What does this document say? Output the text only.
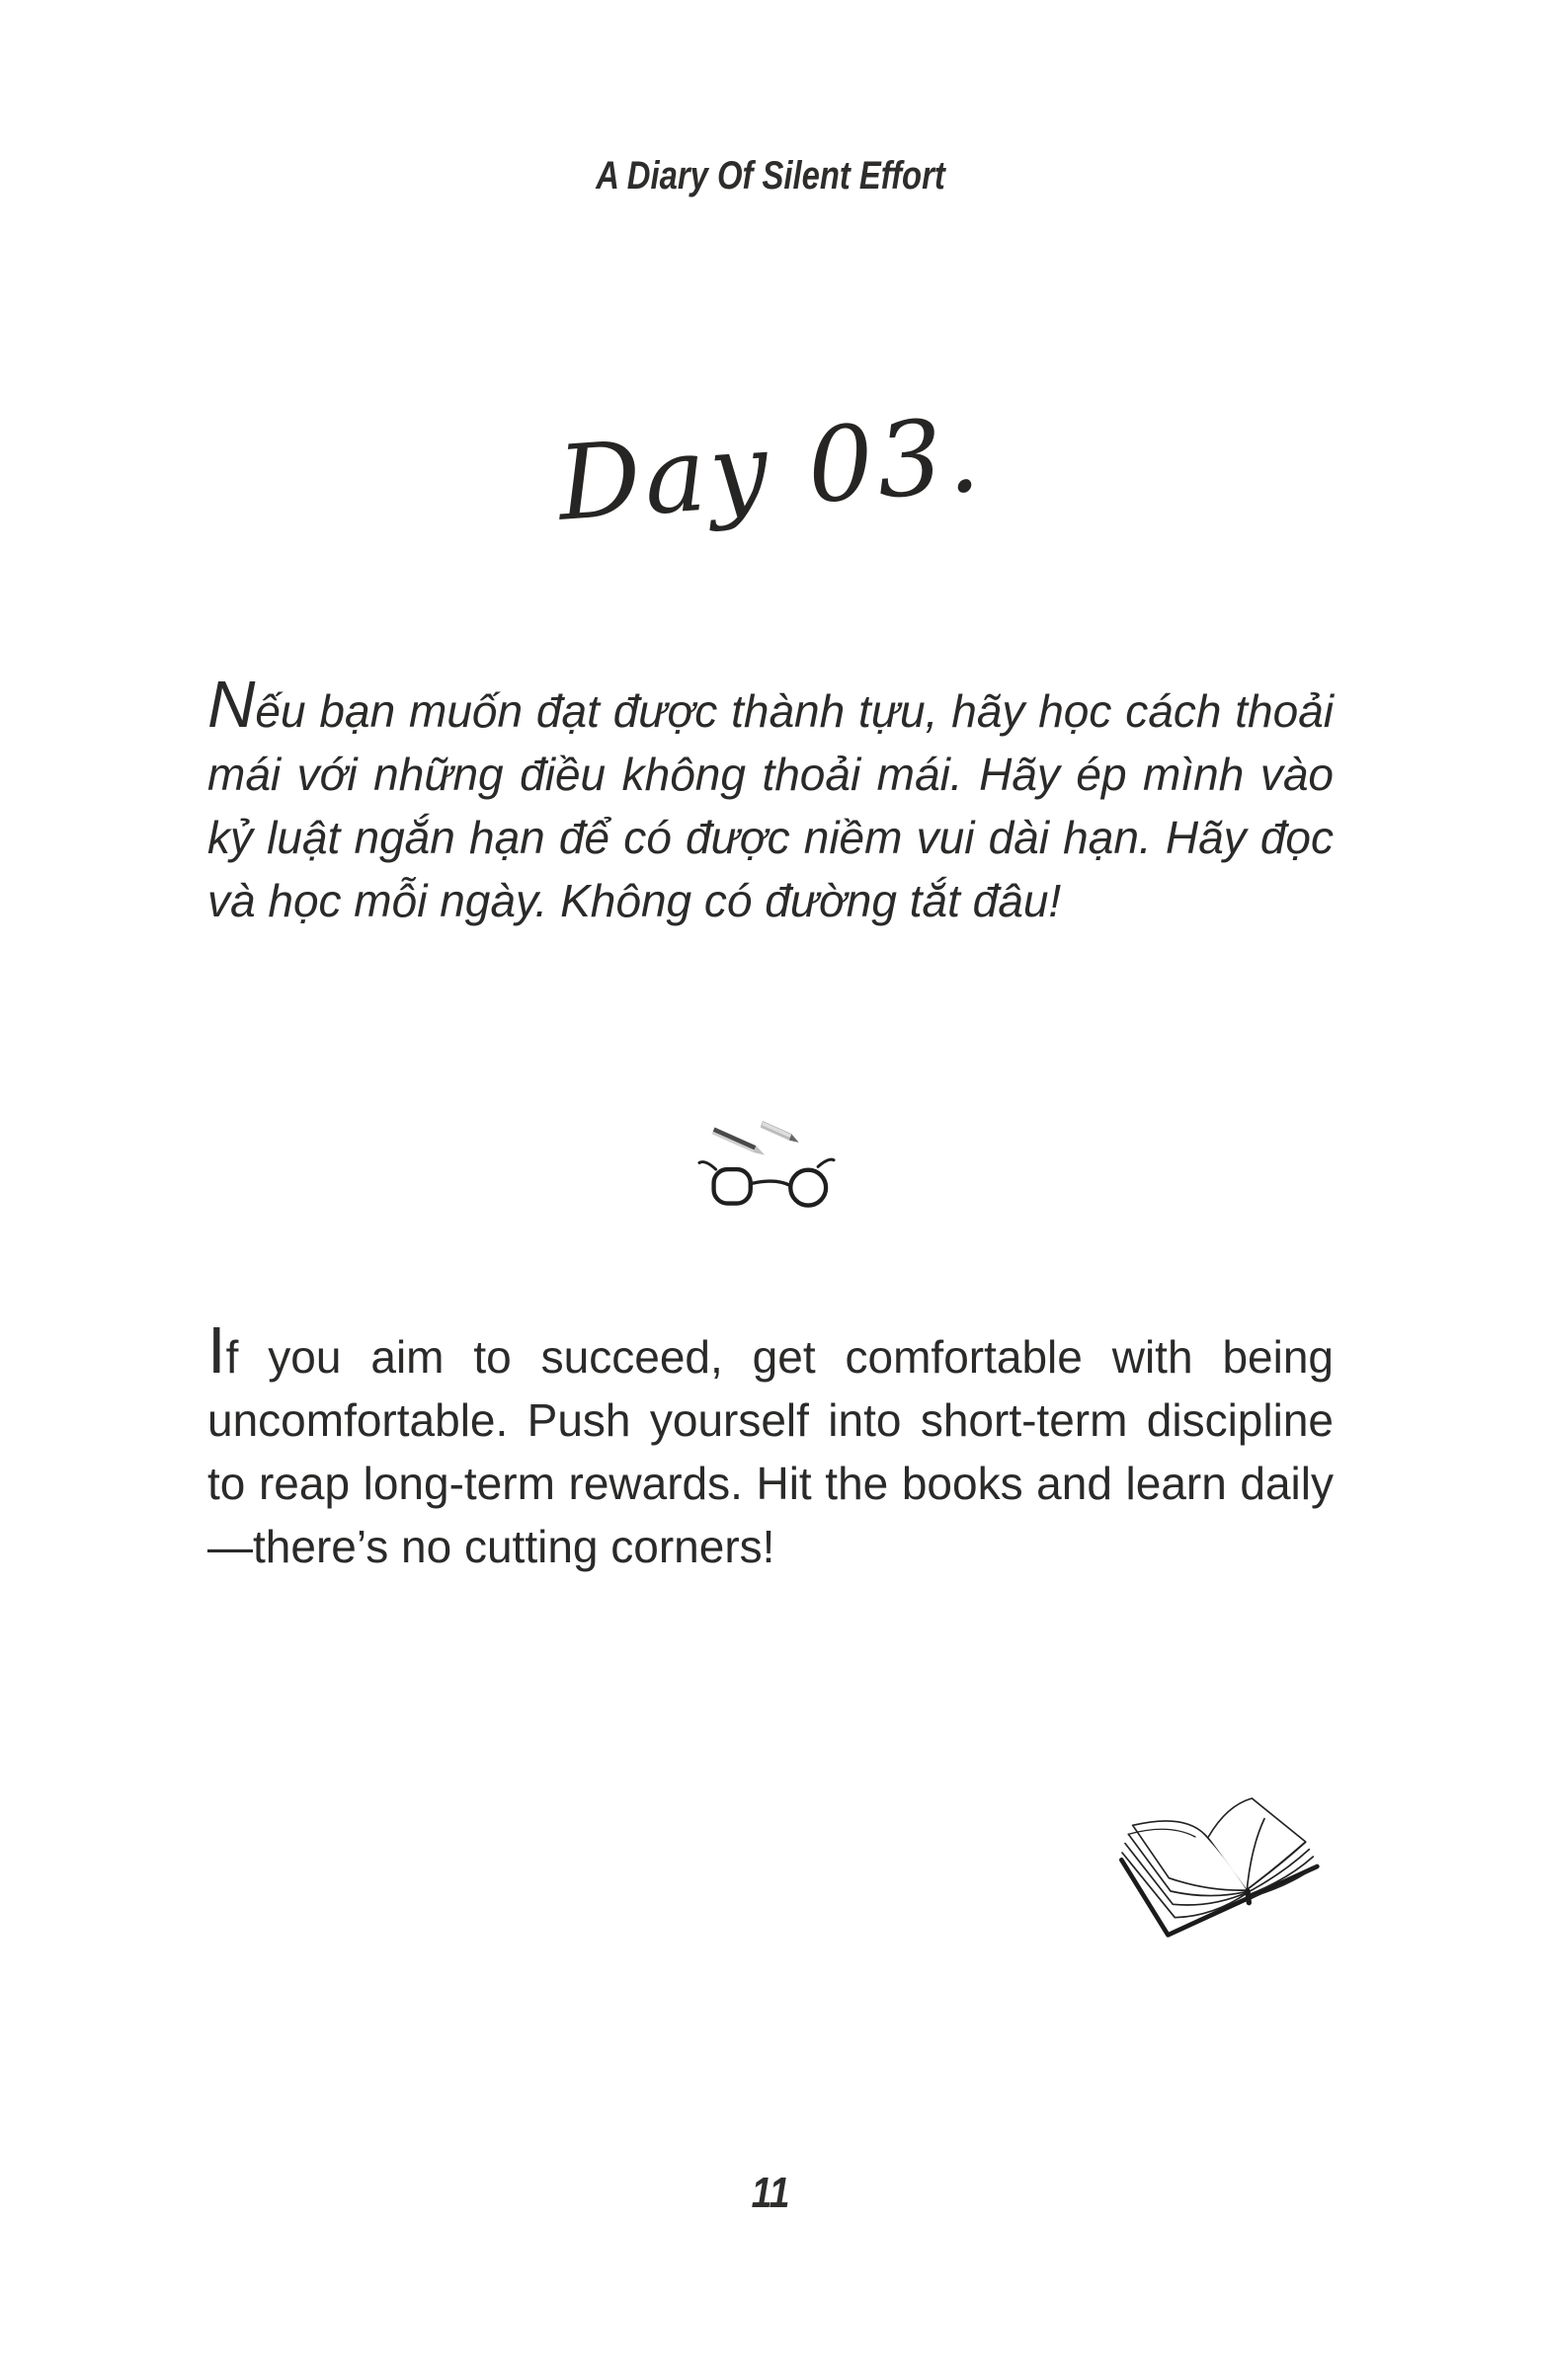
A Diary Of Silent Effort
Day 03.

Nếu bạn muốn đạt được thành tựu, hãy học cách thoải mái với những điều không thoải mái. Hãy ép mình vào kỷ luật ngắn hạn để có được niềm vui dài hạn. Hãy đọc và học mỗi ngày. Không có đường tắt đâu!

If you aim to succeed, get comfortable with being uncomfortable. Push yourself into short-term discipline to reap long-term rewards. Hit the books and learn daily—there’s no cutting corners!

11
